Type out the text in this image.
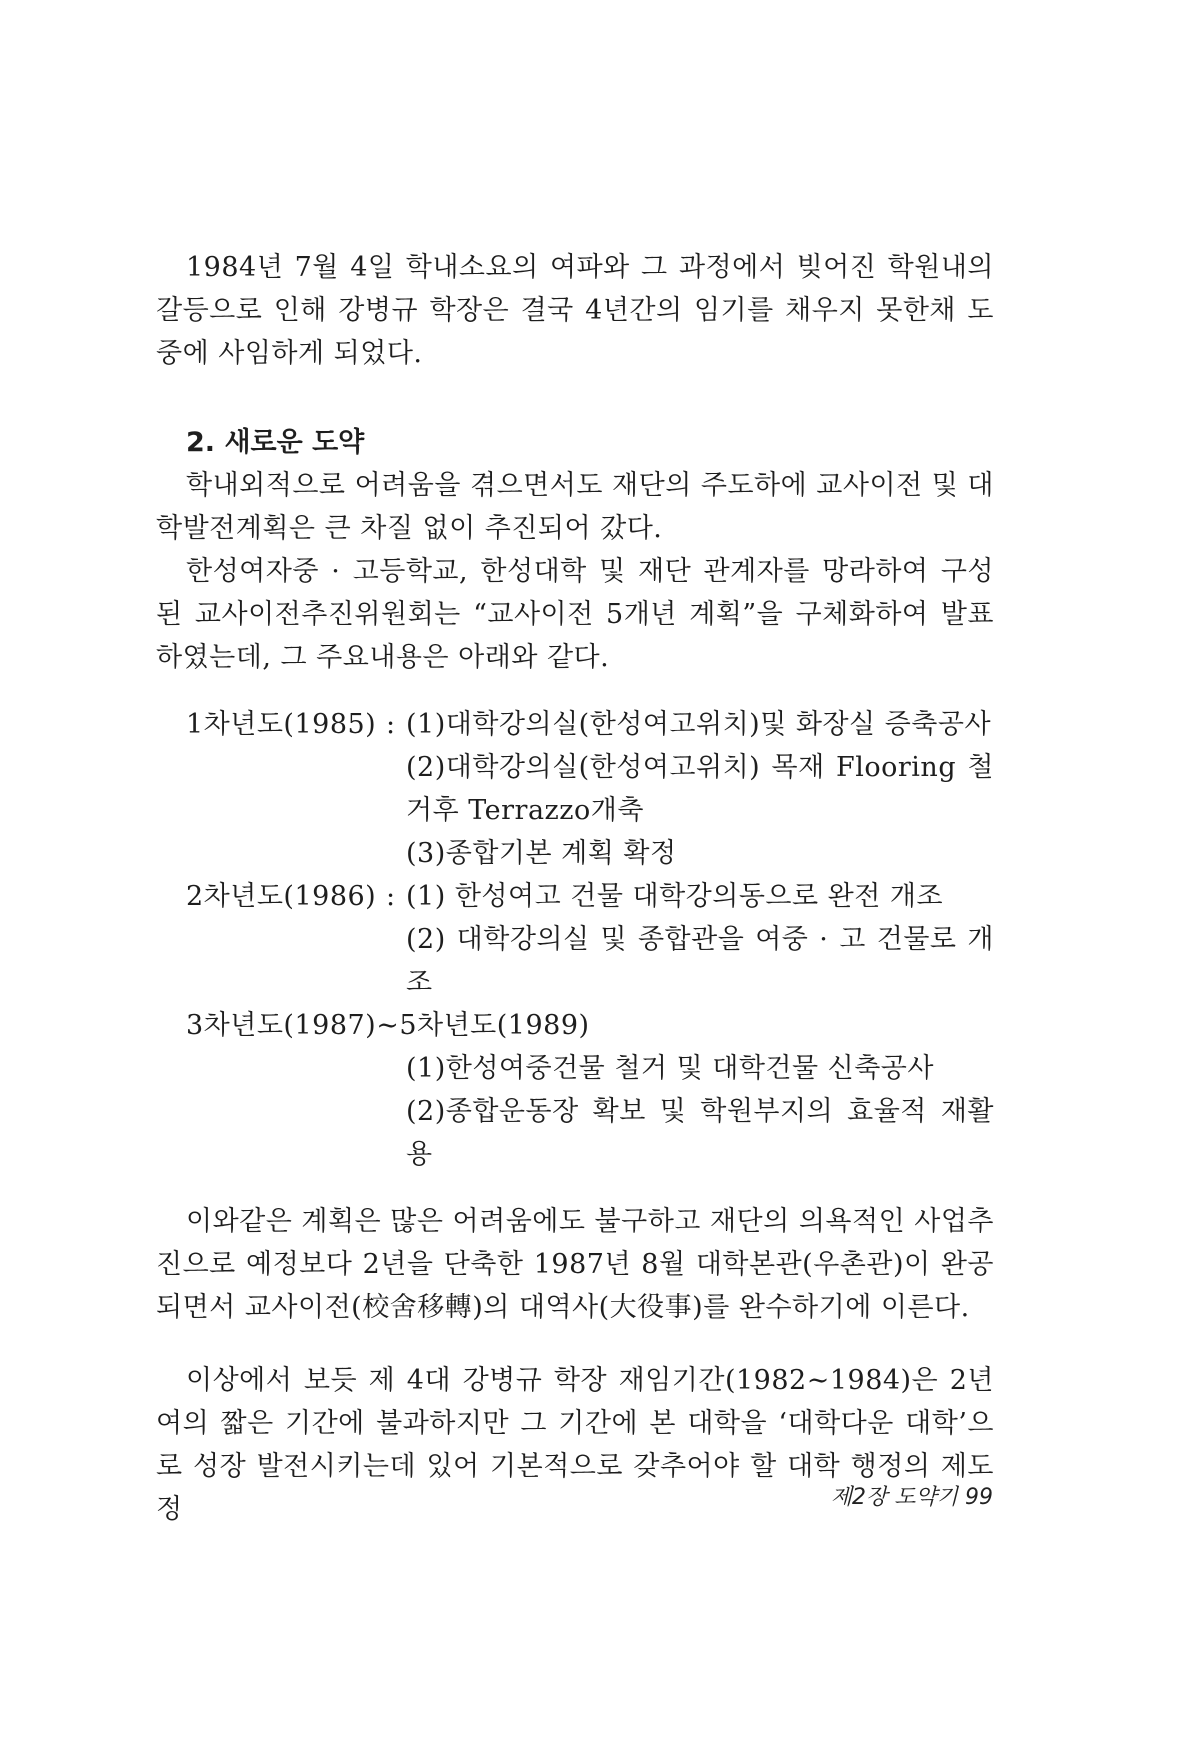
1984년 7월 4일 학내소요의 여파와 그 과정에서 빚어진 학원내의 갈등으로 인해 강병규 학장은 결국 4년간의 임기를 채우지 못한채 도중에 사임하게 되었다.

2. 새로운 도약

학내외적으로 어려움을 겪으면서도 재단의 주도하에 교사이전 및 대학발전계획은 큰 차질 없이 추진되어 갔다.

한성여자중 · 고등학교, 한성대학 및 재단 관계자를 망라하여 구성된 교사이전추진위원회는 “교사이전 5개년 계획”을 구체화하여 발표하였는데, 그 주요내용은 아래와 같다.

1차년도(1985) : (1)대학강의실(한성여고위치)및 화장실 증축공사
(2)대학강의실(한성여고위치) 목재 Flooring 철거후 Terrazzo개축
(3)종합기본 계획 확정
2차년도(1986) : (1) 한성여고 건물 대학강의동으로 완전 개조
(2) 대학강의실 및 종합관을 여중 · 고 건물로 개조
3차년도(1987)∼5차년도(1989)
(1)한성여중건물 철거 및 대학건물 신축공사
(2)종합운동장 확보 및 학원부지의 효율적 재활용

이와같은 계획은 많은 어려움에도 불구하고 재단의 의욕적인 사업추진으로 예정보다 2년을 단축한 1987년 8월 대학본관(우촌관)이 완공되면서 교사이전(校舍移轉)의 대역사(大役事)를 완수하기에 이른다.

이상에서 보듯 제 4대 강병규 학장 재임기간(1982∼1984)은 2년여의 짧은 기간에 불과하지만 그 기간에 본 대학을 ‘대학다운 대학’으로 성장 발전시키는데 있어 기본적으로 갖추어야 할 대학 행정의 제도 정	제2장 도약기 99
